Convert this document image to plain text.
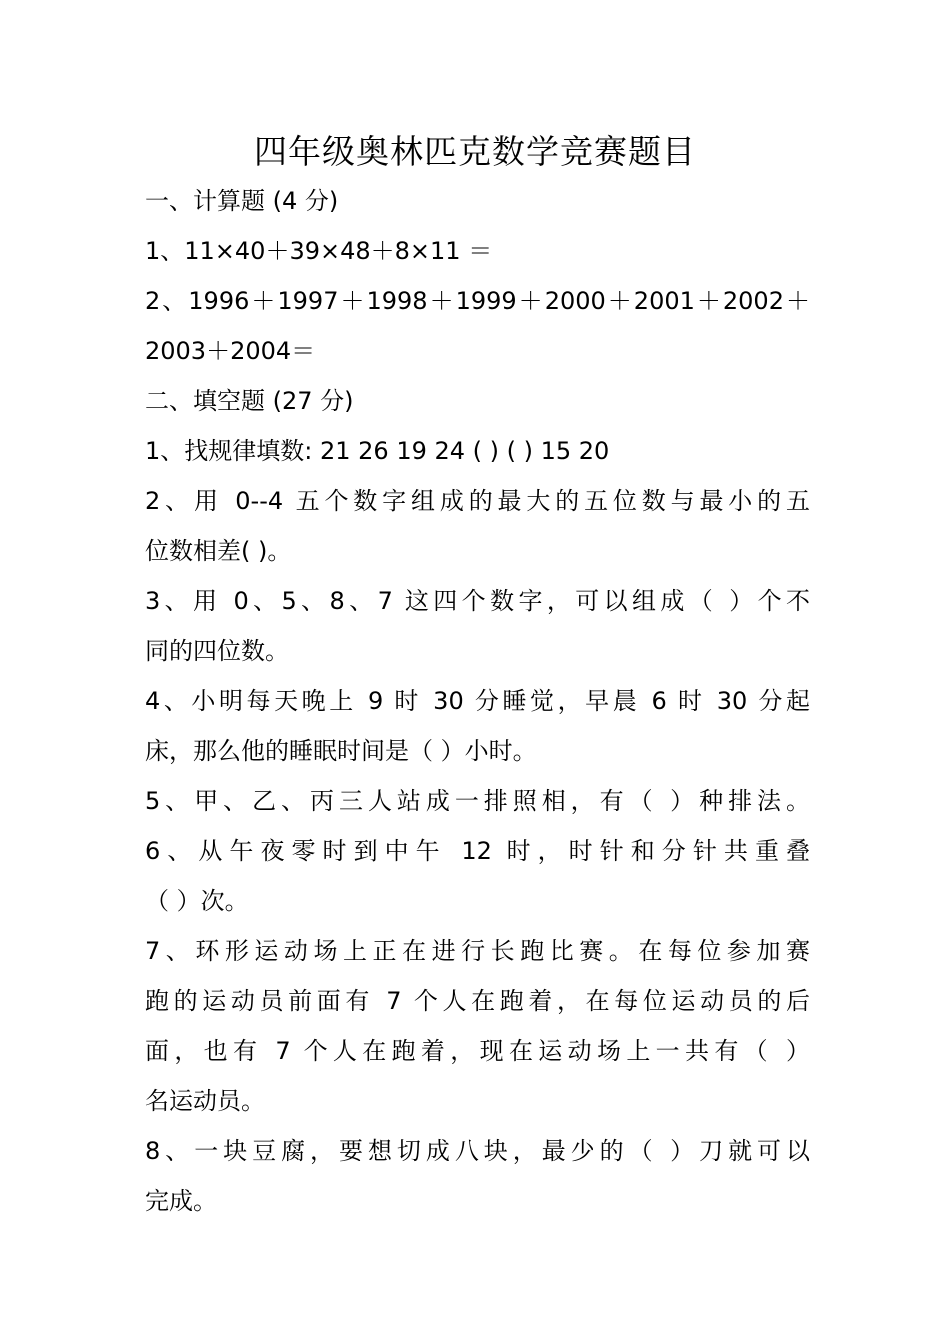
四年级奥林匹克数学竞赛题目
一、计算题 (4 分)
1、11×40＋39×48＋8×11 ＝
2、1996＋1997＋1998＋1999＋2000＋2001＋2002＋
2003＋2004＝
二、填空题 (27 分)
1、找规律填数: 21 26 19 24 ( ) ( ) 15 20
2、用 0--4 五个数字组成的最大的五位数与最小的五
位数相差( )。
3、用 0、5、8、7 这四个数字，可以组成（ ）个不
同的四位数。
4、小明每天晚上 9 时 30 分睡觉，早晨 6 时 30 分起
床，那么他的睡眠时间是（ ）小时。
5、甲、乙、丙三人站成一排照相，有（ ）种排法。
6、从午夜零时到中午 12 时，时针和分针共重叠
（ ）次。
7、环形运动场上正在进行长跑比赛。在每位参加赛
跑的运动员前面有 7 个人在跑着，在每位运动员的后
面，也有 7 个人在跑着，现在运动场上一共有（ ）
名运动员。
8、一块豆腐，要想切成八块，最少的（ ）刀就可以
完成。
